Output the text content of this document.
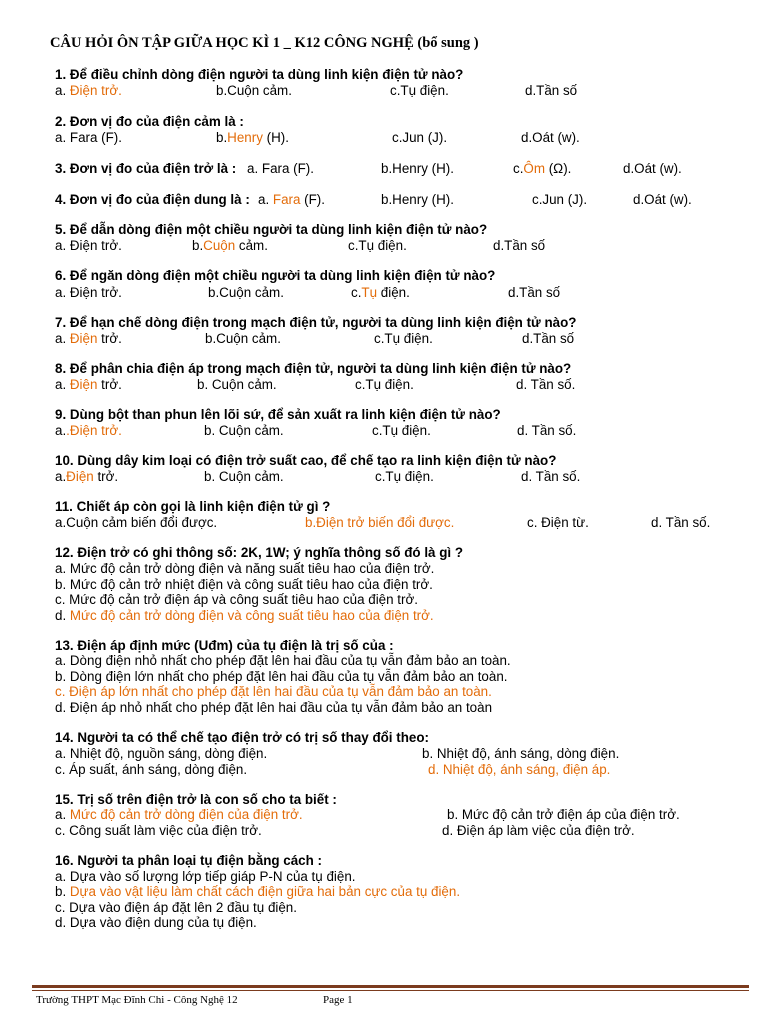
CÂU HỎI ÔN TẬP GIỮA HỌC KÌ 1 _ K12 CÔNG NGHỆ (bổ sung )
1. Để điều chỉnh dòng điện người ta dùng linh kiện điện tử nào?
a. Điện trở.	b.Cuộn cảm.	c.Tụ điện.	d.Tần số
2. Đơn vị đo của điện cảm là :
a. Fara (F).	b.Henry (H).	c.Jun (J).	d.Oát (w).
3. Đơn vị đo của điện trở là : a. Fara (F).	b.Henry (H).	c.Ôm (Ω).	d.Oát (w).
4. Đơn vị đo của điện dung là : a. Fara (F).	b.Henry (H).	c.Jun (J).	d.Oát (w).
5. Để dẫn dòng điện một chiều người ta dùng linh kiện điện tử nào?
a. Điện trở.	b.Cuộn cảm.	c.Tụ điện.	d.Tần số
6. Để ngăn dòng điện một chiều người ta dùng linh kiện điện tử nào?
a. Điện trở.	b.Cuộn cảm.	c.Tụ điện.	d.Tần số
7. Để hạn chế dòng điện trong mạch điện tử, người ta dùng linh kiện điện tử nào?
a. Điện trở.	b.Cuộn cảm.	c.Tụ điện.	d.Tần số
8. Để phân chia điện áp trong mạch điện tử, người ta dùng linh kiện điện tử nào?
a. Điện trở.	b. Cuộn cảm.	c.Tụ điện.	d. Tần số.
9. Dùng bột than phun lên lõi sứ, để sản xuất ra linh kiện điện tử nào?
a..Điện trở.	b. Cuộn cảm.	c.Tụ điện.	d. Tần số.
10. Dùng dây kim loại có điện trở suất cao, để chế tạo ra linh kiện điện tử nào?
a.Điện trở.	b. Cuộn cảm.	c.Tụ điện.	d. Tần số.
11. Chiết áp còn gọi là linh kiện điện tử gì ?
a.Cuộn cảm biến đổi được.	b.Điện trở biến đổi được.	c. Điện từ.	d. Tần số.
12. Điện trở có ghi thông số: 2K, 1W; ý nghĩa thông số đó là gì ?
a. Mức độ cản trở dòng điện và năng suất tiêu hao của điện trở.
b. Mức độ cản trở nhiệt điện và công suất tiêu hao của điện trở.
c. Mức độ cản trở điện áp và công suất tiêu hao của điện trở.
d. Mức độ cản trở dòng điện và công suất tiêu hao của điện trở.
13. Điện áp định mức (Uđm) của tụ điện là trị số của :
a. Dòng điện nhỏ nhất cho phép đặt lên hai đầu của tụ vẫn đảm bảo an toàn.
b. Dòng điện lớn nhất cho phép đặt lên hai đầu của tụ vẫn đảm bảo an toàn.
c. Điện áp lớn nhất cho phép đặt lên hai đầu của tụ vẫn đảm bảo an toàn.
d. Điện áp nhỏ nhất cho phép đặt lên hai đầu của tụ vẫn đảm bảo an toàn
14. Người ta có thể chế tạo điện trở có trị số thay đổi theo:
a. Nhiệt độ, nguồn sáng, dòng điện.	b. Nhiệt độ, ánh sáng, dòng điện.
c. Áp suất, ánh sáng, dòng điện.	d. Nhiệt độ, ánh sáng, điện áp.
15. Trị số trên điện trở là con số cho ta biết :
a. Mức độ cản trở dòng điện của điện trở.	b. Mức độ cản trở điện áp của điện trở.
c. Công suất làm việc của điện trở.	d. Điện áp làm việc của điện trở.
16. Người ta phân loại tụ điện bằng cách :
a. Dựa vào số lượng lớp tiếp giáp P-N của tụ điện.
b. Dựa vào vật liệu làm chất cách điện giữa hai bản cực của tụ điện.
c. Dựa vào điện áp đặt lên 2 đầu tụ điện.
d. Dựa vào điện dung của tụ điện.
Trường THPT Mạc Đĩnh Chi - Công Nghệ 12	Page 1
